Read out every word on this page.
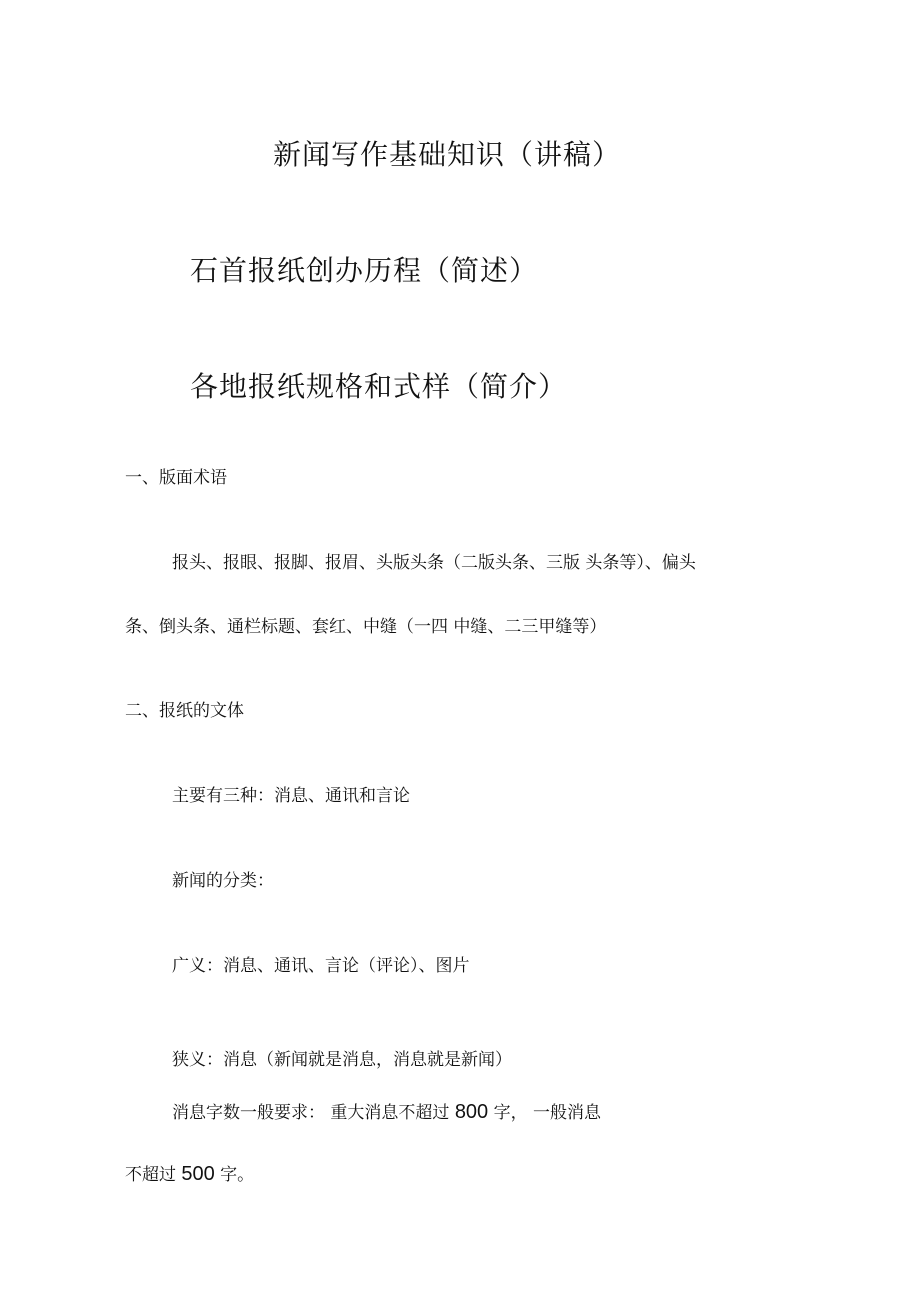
新闻写作基础知识（讲稿）
石首报纸创办历程（简述）
各地报纸规格和式样（简介）
一、版面术语
报头、报眼、报脚、报眉、头版头条（二版头条、三版 头条等）、偏头
条、倒头条、通栏标题、套红、中缝（一四 中缝、二三甲缝等）
二、报纸的文体
主要有三种：消息、通讯和言论
新闻的分类：
广义：消息、通讯、言论（评论）、图片
狭义：消息（新闻就是消息，消息就是新闻）
消息字数一般要求： 重大消息不超过 800 字， 一般消息
不超过 500 字。
